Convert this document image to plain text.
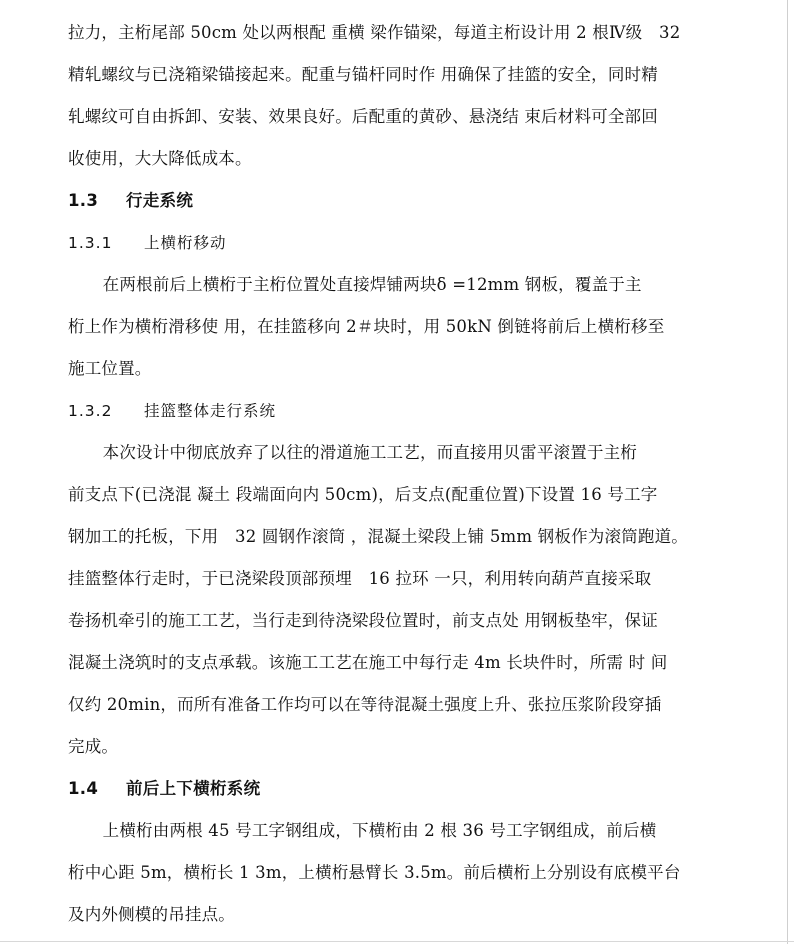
拉力，主桁尾部 50cm 处以两根配 重横 梁作锚梁，每道主桁设计用 2 根Ⅳ级　32

精轧螺纹与已浇箱梁锚接起来。配重与锚杆同时作 用确保了挂篮的安全，同时精

轧螺纹可自由拆卸、安装、效果良好。后配重的黄砂、悬浇结 束后材料可全部回

收使用，大大降低成本。

1.3 行走系统
1.3.1 上横桁移动

在两根前后上横桁于主桁位置处直接焊铺两块δ =12mm 钢板，覆盖于主

桁上作为横桁滑移使 用，在挂篮移向 2＃块时，用 50kN 倒链将前后上横桁移至

施工位置。

1.3.2 挂篮整体走行系统

本次设计中彻底放弃了以往的滑道施工工艺，而直接用贝雷平滚置于主桁

前支点下(已浇混 凝土 段端面向内 50cm)，后支点(配重位置)下设置 16 号工字

钢加工的托板，下用　32 圆钢作滚筒 ，混凝土梁段上铺 5mm 钢板作为滚筒跑道。

挂篮整体行走时，于已浇梁段顶部预埋　16 拉环 一只，利用转向葫芦直接采取

卷扬机牵引的施工工艺，当行走到待浇梁段位置时，前支点处 用钢板垫牢，保证

混凝土浇筑时的支点承载。该施工工艺在施工中每行走 4m 长块件时，所需 时 间

仅约 20min，而所有准备工作均可以在等待混凝土强度上升、张拉压浆阶段穿插

完成。

1.4 前后上下横桁系统

上横桁由两根 45 号工字钢组成，下横桁由 2 根 36 号工字钢组成，前后横

桁中心距 5m，横桁长 1 3m，上横桁悬臂长 3.5m。前后横桁上分别设有底模平台

及内外侧模的吊挂点。
